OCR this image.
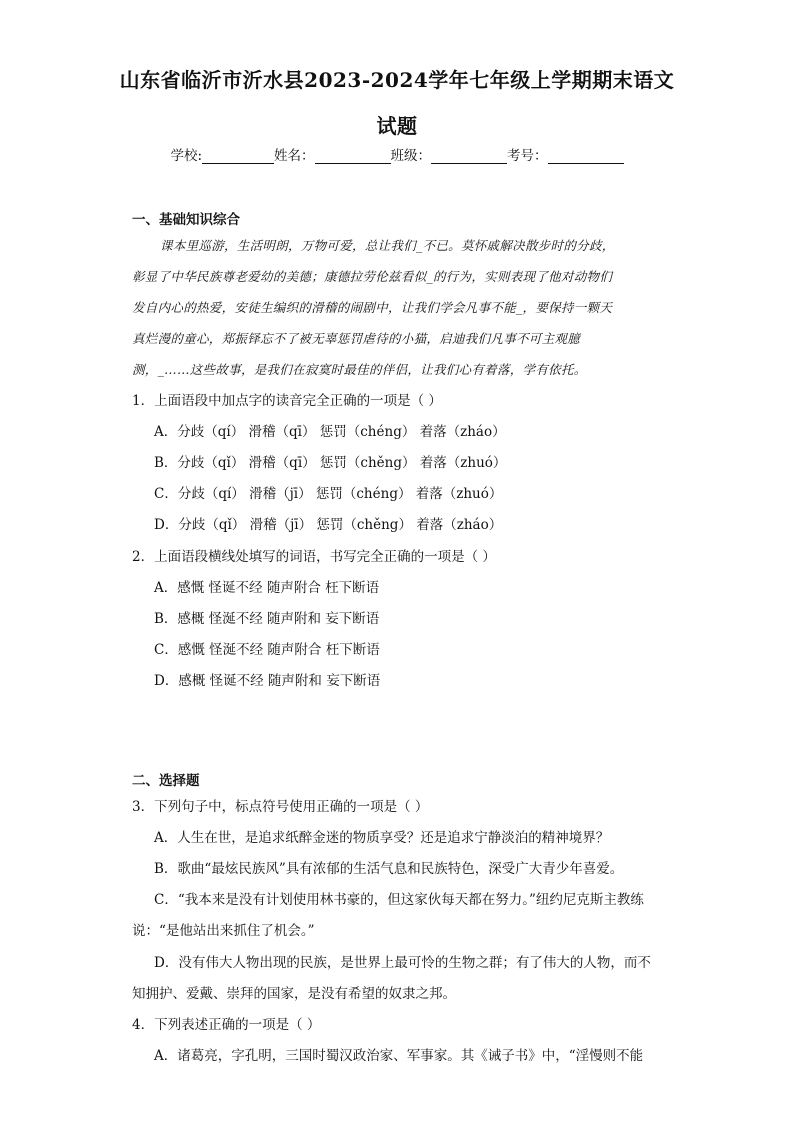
山东省临沂市沂水县2023-2024学年七年级上学期期末语文
试题
学校:	姓名：	班级：	考号：
一、基础知识综合
课本里巡游，生活明朗，万物可爱，总让我们_不已。莫怀戚解决散步时的分歧，
彰显了中华民族尊老爱幼的美德；康德拉劳伦兹看似_的行为，实则表现了他对动物们
发自内心的热爱，安徒生编织的滑稽的闹剧中，让我们学会凡事不能_，要保持一颗天
真烂漫的童心，郑振铎忘不了被无辜惩罚虐待的小猫，启迪我们凡事不可主观臆
测，_……这些故事，是我们在寂寞时最佳的伴侣，让我们心有着落，学有依托。
1．上面语段中加点字的读音完全正确的一项是（ ）
A．分歧（qí） 滑稽（qī） 惩罚（chéng） 着落（zháo）
B．分歧（qǐ） 滑稽（qī） 惩罚（chěng） 着落（zhuó）
C．分歧（qí） 滑稽（jī） 惩罚（chéng） 着落（zhuó）
D．分歧（qǐ） 滑稽（jī） 惩罚（chěng） 着落（zháo）
2．上面语段横线处填写的词语，书写完全正确的一项是（ ）
A．感慨 怪诞不经 随声附合 枉下断语
B．感概 怪涎不经 随声附和 妄下断语
C．感慨 怪涎不经 随声附合 枉下断语
D．感概 怪诞不经 随声附和 妄下断语
二、选择题
3．下列句子中，标点符号使用正确的一项是（ ）
A．人生在世，是追求纸醉金迷的物质享受？还是追求宁静淡泊的精神境界？
B．歌曲“最炫民族风”具有浓郁的生活气息和民族特色，深受广大青少年喜爱。
C．“我本来是没有计划使用林书豪的，但这家伙每天都在努力。”纽约尼克斯主教练
说：“是他站出来抓住了机会。”
D．没有伟大人物出现的民族，是世界上最可怜的生物之群；有了伟大的人物，而不
知拥护、爱戴、崇拜的国家，是没有希望的奴隶之邦。
4．下列表述正确的一项是（ ）
A．诸葛亮，字孔明，三国时蜀汉政治家、军事家。其《诫子书》中，“淫慢则不能
